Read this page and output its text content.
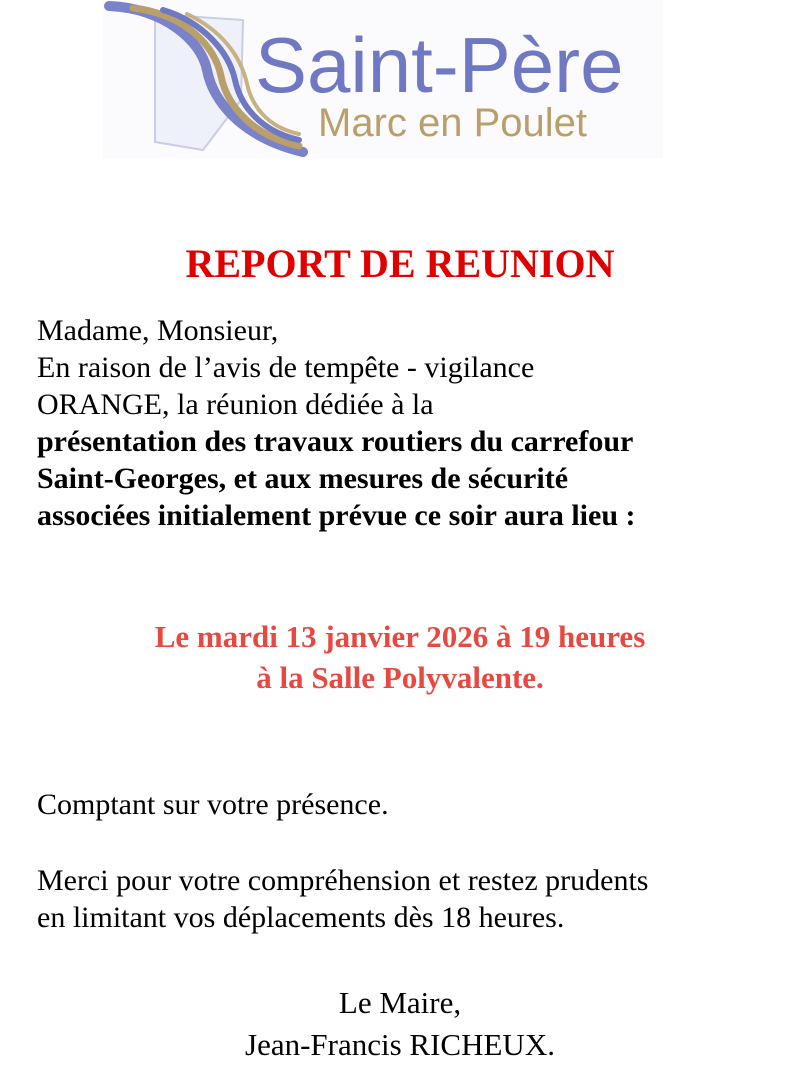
Saint-Père
Marc en Poulet
REPORT DE REUNION
Madame, Monsieur,
En raison de l’avis de tempête - vigilance
ORANGE, la réunion dédiée à la
présentation des travaux routiers du carrefour
Saint-Georges, et aux mesures de sécurité
associées initialement prévue ce soir aura lieu :
Le mardi 13 janvier 2026 à 19 heures
à la Salle Polyvalente.
Comptant sur votre présence.
Merci pour votre compréhension et restez prudents
en limitant vos déplacements dès 18 heures.
Le Maire,
Jean-Francis RICHEUX.
